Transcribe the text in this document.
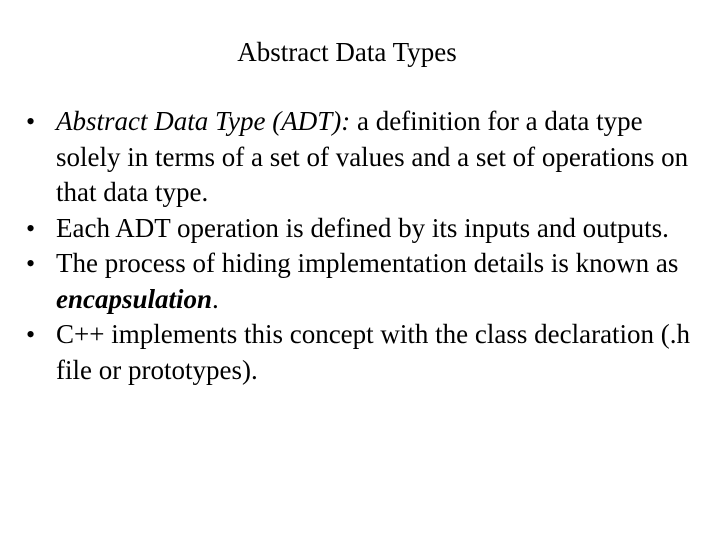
Abstract Data Types
• Abstract Data Type (ADT): a definition for a data type solely in terms of a set of values and a set of operations on that data type.
• Each ADT operation is defined by its inputs and outputs.
• The process of hiding implementation details is known as encapsulation.
• C++ implements this concept with the class declaration (.h file or prototypes).
